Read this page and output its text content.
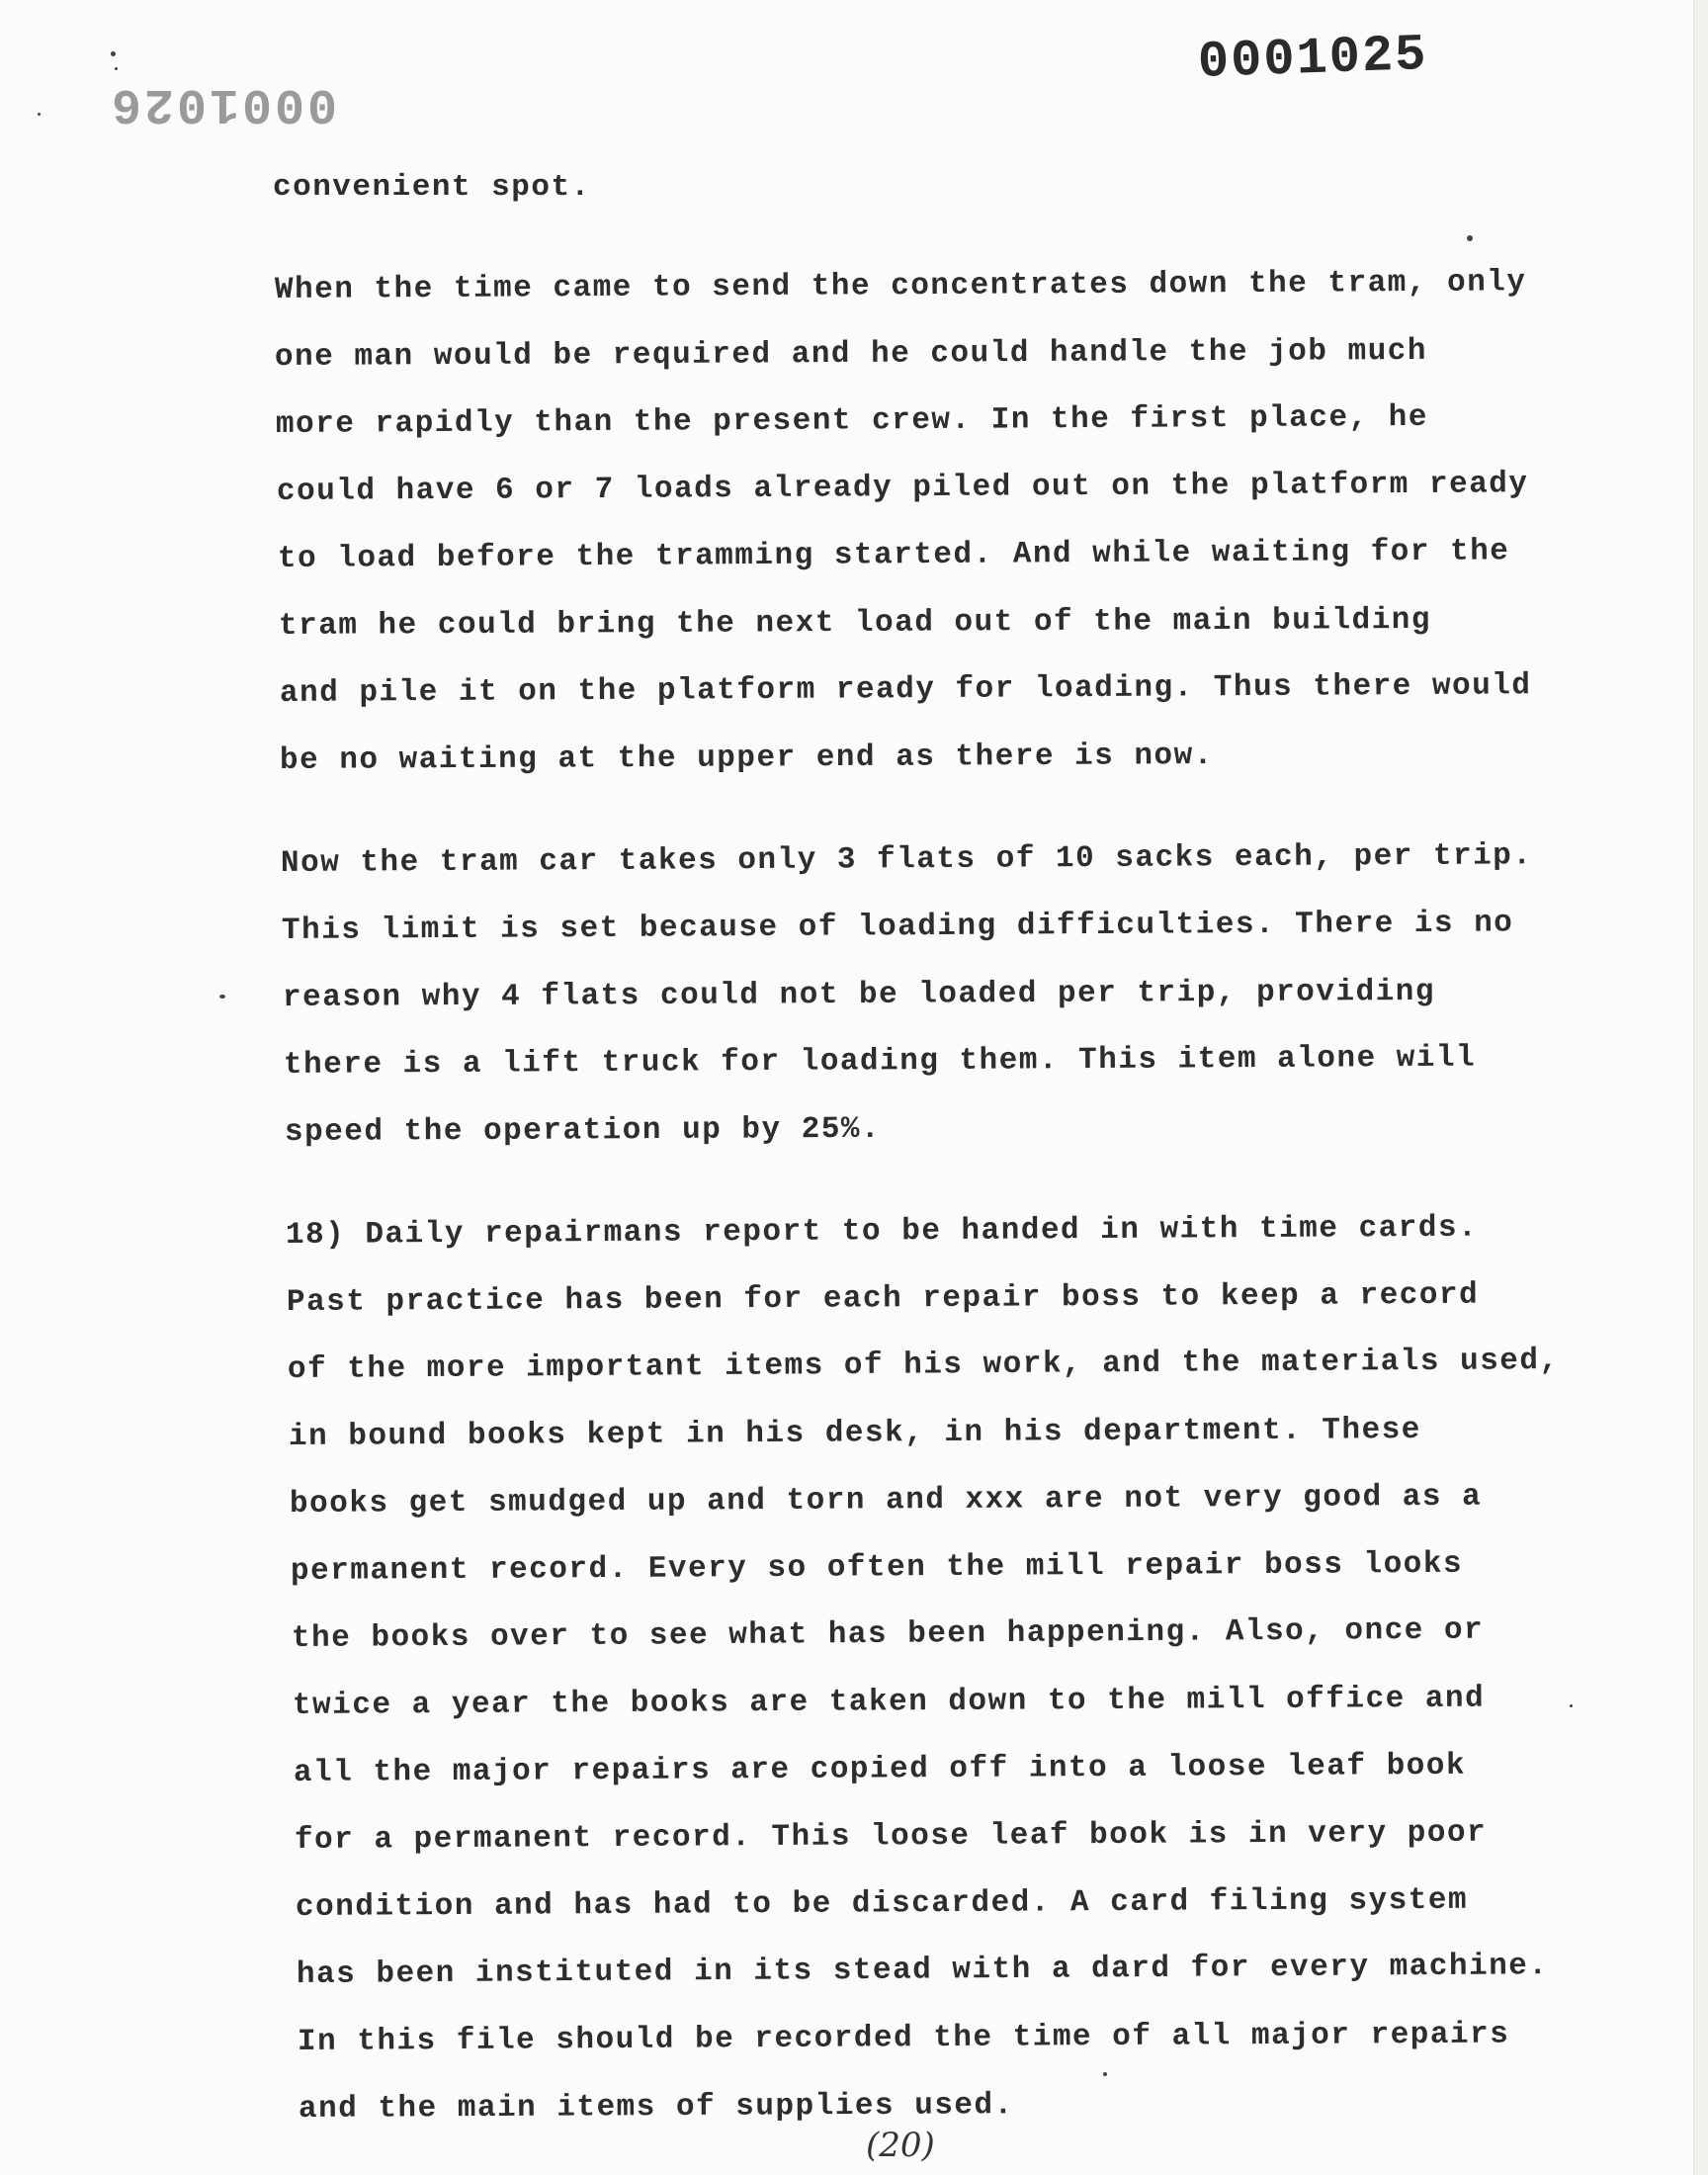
0001025
0001026
convenient spot.
When the time came to send the concentrates down the tram, only
one man would be required and he could handle the job much
more rapidly than the present crew. In the first place, he
could have 6 or 7 loads already piled out on the platform ready
to load before the tramming started. And while waiting for the
tram he could bring the next load out of the main building
and pile it on the platform ready for loading. Thus there would
be no waiting at the upper end as there is now.
Now the tram car takes only 3 flats of 10 sacks each, per trip.
This limit is set because of loading difficulties. There is no
reason why 4 flats could not be loaded per trip, providing
there is a lift truck for loading them. This item alone will
speed the operation up by 25%.
18) Daily repairmans report to be handed in with time cards.
Past practice has been for each repair boss to keep a record
of the more important items of his work, and the materials used,
in bound books kept in his desk, in his department. These
books get smudged up and torn and xxx are not very good as a
permanent record. Every so often the mill repair boss looks
the books over to see what has been happening. Also, once or
twice a year the books are taken down to the mill office and
all the major repairs are copied off into a loose leaf book
for a permanent record. This loose leaf book is in very poor
condition and has had to be discarded. A card filing system
has been instituted in its stead with a dard for every machine.
In this file should be recorded the time of all major repairs
and the main items of supplies used.
(20)
